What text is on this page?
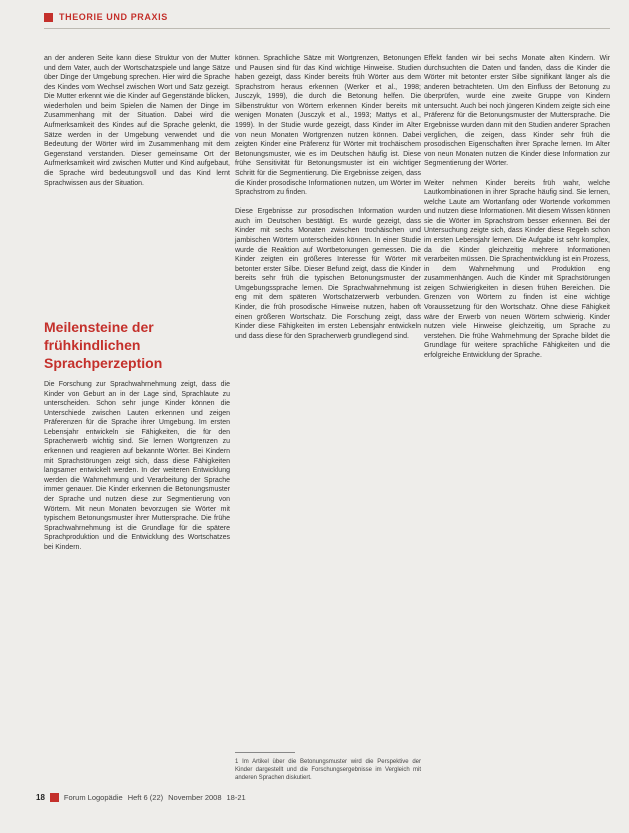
THEORIE UND PRAXIS

an der anderen Seite kann diese Struktur von der Mutter und dem Vater, auch der Wortschatzspiele und lange Sätze über Dinge der Umgebung sprechen. Hier wird die Sprache des Kindes vom Wechsel zwischen Wort und Satz gezeigt. Die Mutter erkennt wie die Kinder auf Gegenstände blicken, wiederholen und beim Spielen die Namen der Dinge im Zusammenhang mit der Situation. Dabei wird die Aufmerksamkeit des Kindes auf die Sprache gelenkt, die Sätze werden in der Umgebung verwendet und die Bedeutung der Wörter wird im Zusammenhang mit dem Gegenstand verstanden. Dieser gemeinsame Ort der Aufmerksamkeit wird zwischen Mutter und Kind aufgebaut, die Sprache wird bedeutungsvoll und das Kind lernt Sprachwissen aus der Situation.

Meilensteine der
frühkindlichen
Sprachperzeption

Die Forschung zur Sprachwahrnehmung zeigt, dass die Kinder von Geburt an in der Lage sind, Sprachlaute zu unterscheiden. Schon sehr junge Kinder können die Unterschiede zwischen Lauten erkennen und zeigen Präferenzen für die Sprache ihrer Umgebung. Im ersten Lebensjahr entwickeln sie Fähigkeiten, die für den Spracherwerb wichtig sind. Sie lernen Wortgrenzen zu erkennen und reagieren auf bekannte Wörter. Bei Kindern mit Sprachstörungen zeigt sich, dass diese Fähigkeiten langsamer entwickelt werden. In der weiteren Entwicklung werden die Wahrnehmung und Verarbeitung der Sprache immer genauer. Die Kinder erkennen die Betonungsmuster der Sprache und nutzen diese zur Segmentierung von Wörtern. Mit neun Monaten bevorzugen sie Wörter mit typischem Betonungsmuster ihrer Muttersprache. Die frühe Sprachwahrnehmung ist die Grundlage für die spätere Sprachproduktion und die Entwicklung des Wortschatzes bei Kindern.

können. Sprachliche Sätze mit Wortgrenzen, Betonungen und Pausen sind für das Kind wichtige Hinweise. Studien haben gezeigt, dass Kinder bereits früh Wörter aus dem Sprachstrom heraus erkennen (Werker et al., 1998; Jusczyk, 1999), die durch die Betonung helfen. Die Silbenstruktur von Wörtern erkennen Kinder bereits mit wenigen Monaten (Jusczyk et al., 1993; Mattys et al., 1999). In der Studie wurde gezeigt, dass Kinder im Alter von neun Monaten Wortgrenzen nutzen können. Dabei zeigten Kinder eine Präferenz für Wörter mit trochäischem Betonungsmuster, wie es im Deutschen häufig ist. Diese frühe Sensitivität für Betonungsmuster ist ein wichtiger Schritt für die Segmentierung. Die Ergebnisse zeigen, dass die Kinder prosodische Informationen nutzen, um Wörter im Sprachstrom zu finden.

Diese Ergebnisse zur prosodischen Information wurden auch im Deutschen bestätigt. Es wurde gezeigt, dass Kinder mit sechs Monaten zwischen trochäischen und jambischen Wörtern unterscheiden können. In einer Studie wurde die Reaktion auf Wortbetonungen gemessen. Die Kinder zeigten ein größeres Interesse für Wörter mit betonter erster Silbe. Dieser Befund zeigt, dass die Kinder bereits sehr früh die typischen Betonungsmuster der Umgebungssprache lernen. Die Sprachwahrnehmung ist eng mit dem späteren Wortschatzerwerb verbunden. Kinder, die früh prosodische Hinweise nutzen, haben oft einen größeren Wortschatz. Die Forschung zeigt, dass Kinder diese Fähigkeiten im ersten Lebensjahr entwickeln und dass diese für den Spracherwerb grundlegend sind.

1 Im Artikel über die Betonungsmuster wird die Perspektive der Kinder dargestellt und die Forschungsergebnisse im Vergleich mit anderen Sprachen diskutiert.

Effekt fanden wir bei sechs Monate alten Kindern. Wir durchsuchten die Daten und fanden, dass die Kinder die Wörter mit betonter erster Silbe signifikant länger als die anderen betrachteten. Um den Einfluss der Betonung zu überprüfen, wurde eine zweite Gruppe von Kindern untersucht. Auch bei noch jüngeren Kindern zeigte sich eine Präferenz für die Betonungsmuster der Muttersprache. Die Ergebnisse wurden dann mit den Studien anderer Sprachen verglichen, die zeigen, dass Kinder sehr früh die prosodischen Eigenschaften ihrer Sprache lernen. Im Alter von neun Monaten nutzen die Kinder diese Information zur Segmentierung der Wörter.

Weiter nehmen Kinder bereits früh wahr, welche Lautkombinationen in ihrer Sprache häufig sind. Sie lernen, welche Laute am Wortanfang oder Wortende vorkommen und nutzen diese Informationen. Mit diesem Wissen können sie die Wörter im Sprachstrom besser erkennen. Bei der Untersuchung zeigte sich, dass Kinder diese Regeln schon im ersten Lebensjahr lernen. Die Aufgabe ist sehr komplex, da die Kinder gleichzeitig mehrere Informationen verarbeiten müssen. Die Sprachentwicklung ist ein Prozess, in dem Wahrnehmung und Produktion eng zusammenhängen. Auch die Kinder mit Sprachstörungen zeigen Schwierigkeiten in diesen frühen Bereichen. Die Grenzen von Wörtern zu finden ist eine wichtige Voraussetzung für den Wortschatz. Ohne diese Fähigkeit wäre der Erwerb von neuen Wörtern schwierig. Kinder nutzen viele Hinweise gleichzeitig, um Sprache zu verstehen. Die frühe Wahrnehmung der Sprache bildet die Grundlage für weitere sprachliche Fähigkeiten und die erfolgreiche Entwicklung der Sprache.

18	Forum Logopädie Heft 6 (22) November 2008 18-21
